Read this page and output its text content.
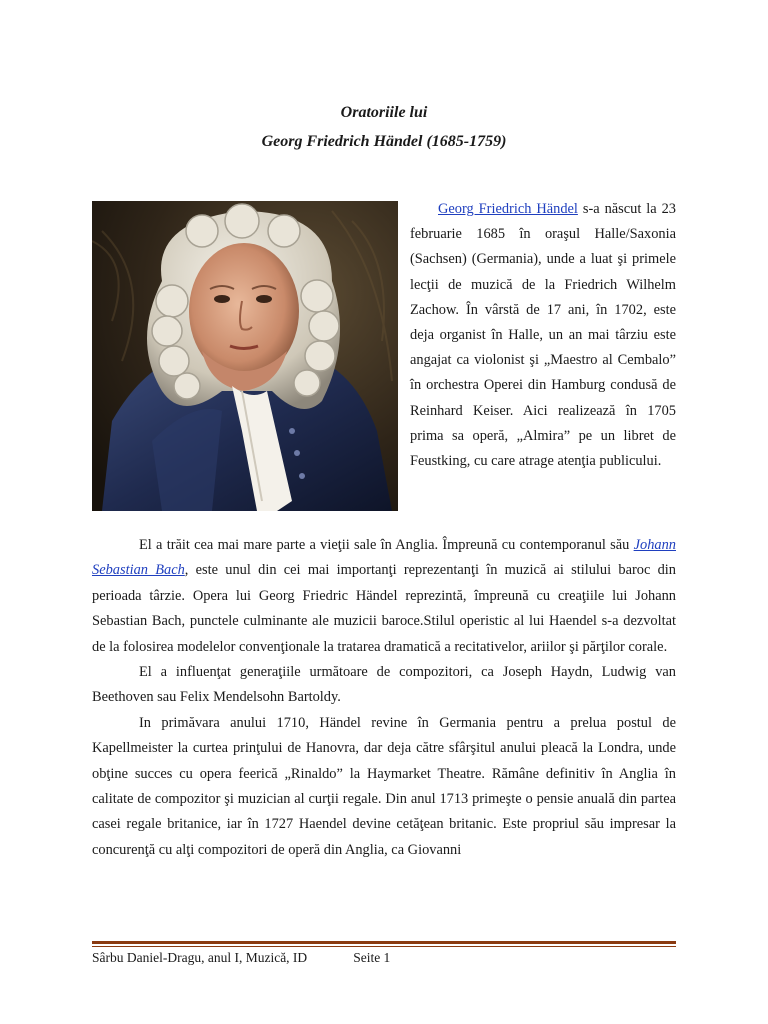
Oratoriile lui

Georg Friedrich Händel (1685-1759)

Georg Friedrich Händel s-a născut la 23 februarie 1685 în oraşul Halle/Saxonia (Sachsen) (Germania), unde a luat şi primele lecţii de muzică de la Friedrich Wilhelm Zachow. În vârstă de 17 ani, în 1702, este deja organist în Halle, un an mai târziu este angajat ca violonist şi „Maestro al Cembalo” în orchestra Operei din Hamburg condusă de Reinhard Keiser. Aici realizează în 1705 prima sa operă, „Almira” pe un libret de Feustking, cu care atrage atenţia publicului.

El a trăit cea mai mare parte a vieţii sale în Anglia. Împreună cu contemporanul său Johann Sebastian Bach, este unul din cei mai importanţi reprezentanţi în muzică ai stilului baroc din perioada târzie. Opera lui Georg Friedric Händel reprezintă, împreună cu creaţiile lui Johann Sebastian Bach, punctele culminante ale muzicii baroce.Stilul operistic al lui Haendel s-a dezvoltat de la folosirea modelelor convenţionale la tratarea dramatică a recitativelor, ariilor şi părţilor corale.

El a influenţat generaţiile următoare de compozitori, ca Joseph Haydn, Ludwig van Beethoven sau Felix Mendelsohn Bartoldy.

In primăvara anului 1710, Händel revine în Germania pentru a prelua postul de Kapellmeister la curtea prinţului de Hanovra, dar deja către sfârşitul anului pleacă la Londra, unde obţine succes cu opera feerică „Rinaldo” la Haymarket Theatre. Rămâne definitiv în Anglia în calitate de compozitor şi muzician al curţii regale. Din anul 1713 primeşte o pensie anuală din partea casei regale britanice, iar în 1727 Haendel devine cetăţean britanic. Este propriul său impresar la concurenţă cu alţi compozitori de operă din Anglia, ca Giovanni

Sârbu Daniel-Dragu, anul I, Muzică, ID	Seite 1
